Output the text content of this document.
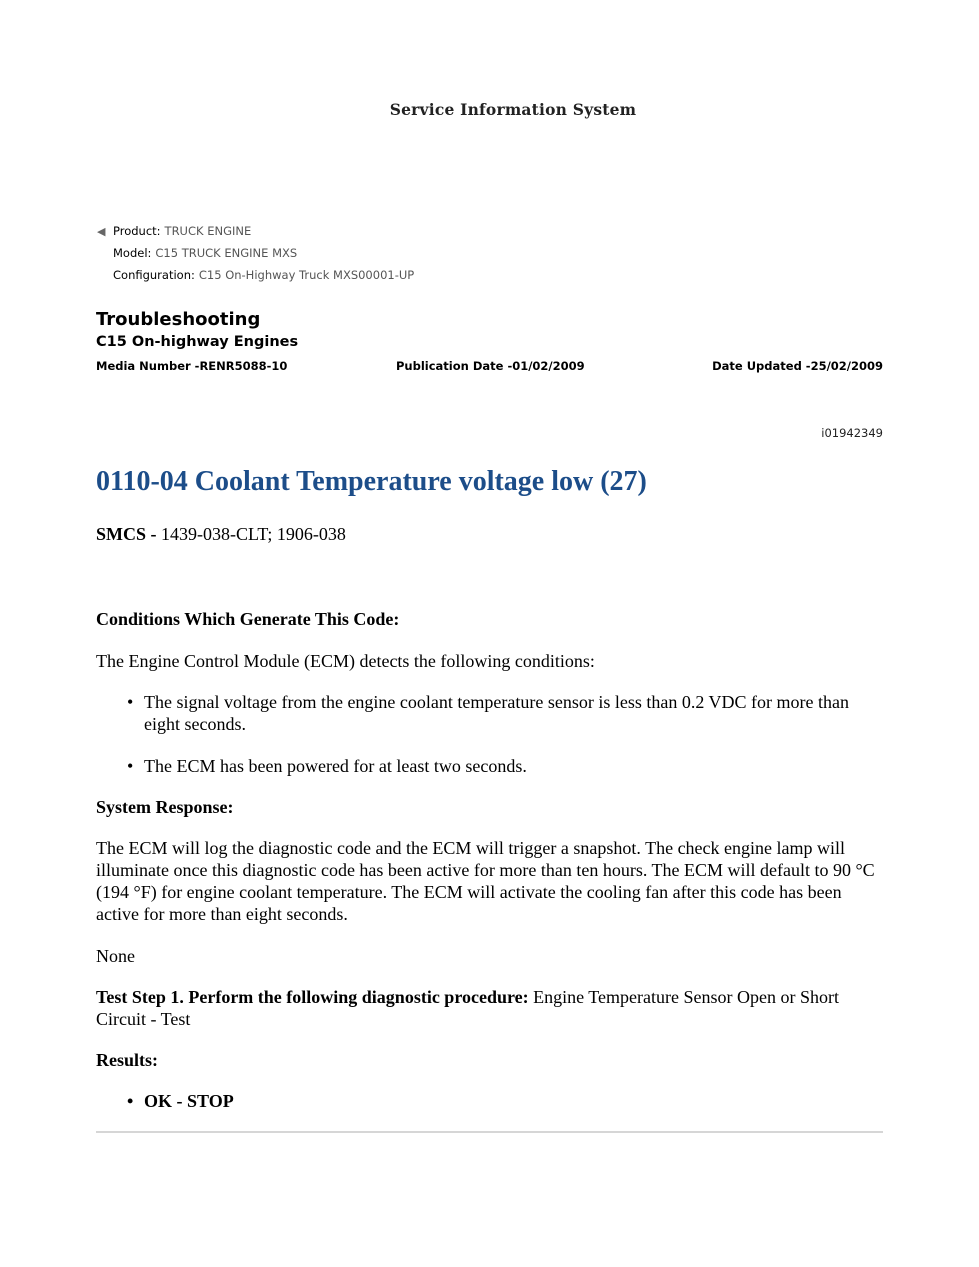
Service Information System
◀ Product: TRUCK ENGINE
Model: C15 TRUCK ENGINE MXS
Configuration: C15 On-Highway Truck MXS00001-UP
Troubleshooting
C15 On-highway Engines
Media Number -RENR5088-10	Publication Date -01/02/2009	Date Updated -25/02/2009
i01942349
0110-04 Coolant Temperature voltage low (27)
SMCS - 1439-038-CLT; 1906-038
Conditions Which Generate This Code:
The Engine Control Module (ECM) detects the following conditions:
• The signal voltage from the engine coolant temperature sensor is less than 0.2 VDC for more than eight seconds.
• The ECM has been powered for at least two seconds.
System Response:
The ECM will log the diagnostic code and the ECM will trigger a snapshot. The check engine lamp will illuminate once this diagnostic code has been active for more than ten hours. The ECM will default to 90 °C (194 °F) for engine coolant temperature. The ECM will activate the cooling fan after this code has been active for more than eight seconds.
None
Test Step 1. Perform the following diagnostic procedure: Engine Temperature Sensor Open or Short Circuit - Test
Results:
• OK - STOP
